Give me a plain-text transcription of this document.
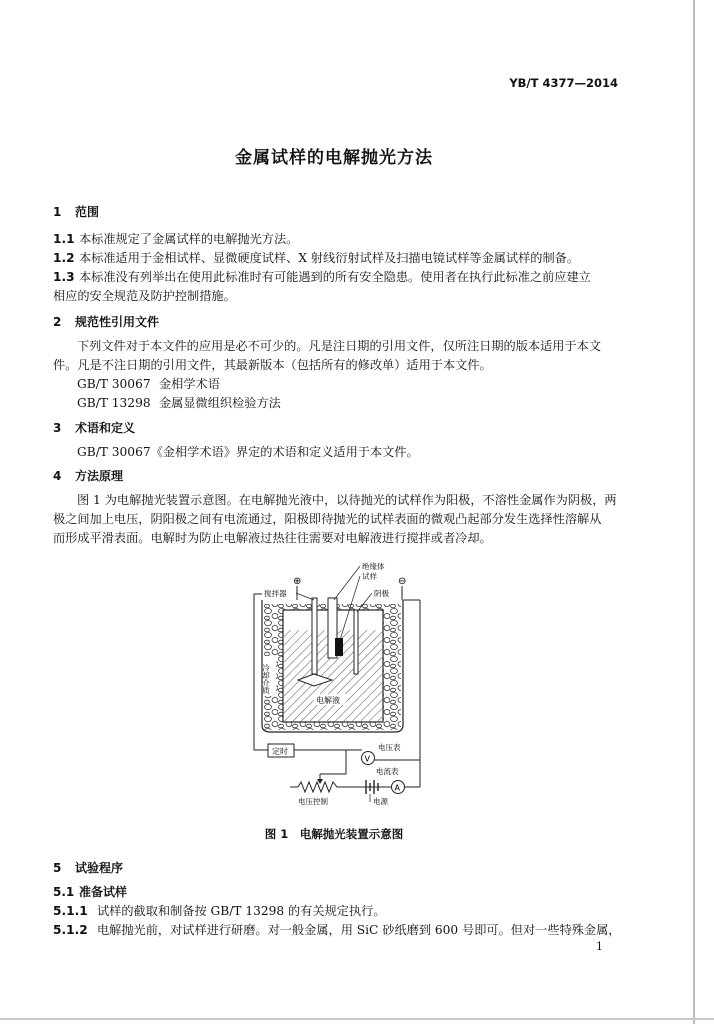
YB/T 4377—2014
金属试样的电解抛光方法
1 范围
1.1 本标准规定了金属试样的电解抛光方法。
1.2 本标准适用于金相试样、显微硬度试样、X 射线衍射试样及扫描电镜试样等金属试样的制备。
1.3 本标准没有列举出在使用此标准时有可能遇到的所有安全隐患。使用者在执行此标准之前应建立
相应的安全规范及防护控制措施。
2 规范性引用文件
下列文件对于本文件的应用是必不可少的。凡是注日期的引用文件，仅所注日期的版本适用于本文
件。凡是不注日期的引用文件，其最新版本（包括所有的修改单）适用于本文件。
GB/T 30067 金相学术语
GB/T 13298 金属显微组织检验方法
3 术语和定义
GB/T 30067《金相学术语》界定的术语和定义适用于本文件。
4 方法原理
图 1 为电解抛光装置示意图。在电解抛光液中，以待抛光的试样作为阳极，不溶性金属作为阴极，两
极之间加上电压，阴阳极之间有电流通过，阳极即待抛光的试样表面的微观凸起部分发生选择性溶解从
而形成平滑表面。电解时为防止电解液过热往往需要对电解液进行搅拌或者冷却。
⊕	⊖
电解液
绝缘体
试样
搅拌器	阴极
冷却介质
定时
V
电压表
A
电流表
电源
电压控制
图 1　电解抛光装置示意图
5 试验程序
5.1 准备试样
5.1.1 试样的截取和制备按 GB/T 13298 的有关规定执行。
5.1.2 电解抛光前，对试样进行研磨。对一般金属，用 SiC 砂纸磨到 600 号即可。但对一些特殊金属，
1
